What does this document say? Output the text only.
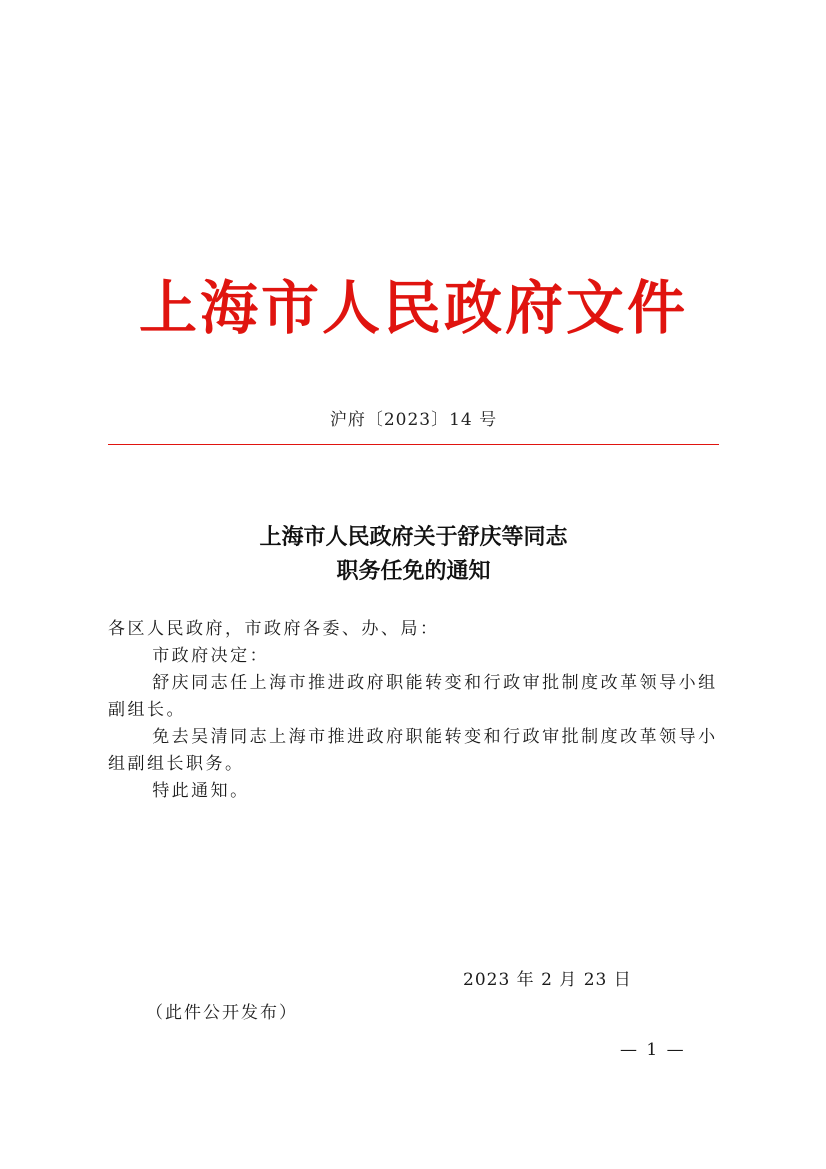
上海市人民政府文件
沪府〔2023〕14 号
上海市人民政府关于舒庆等同志
职务任免的通知

各区人民政府，市政府各委、办、局：

市政府决定：

舒庆同志任上海市推进政府职能转变和行政审批制度改革领导小组副组长。

免去吴清同志上海市推进政府职能转变和行政审批制度改革领导小组副组长职务。

特此通知。

2023 年 2 月 23 日
（此件公开发布）
— 1 —
